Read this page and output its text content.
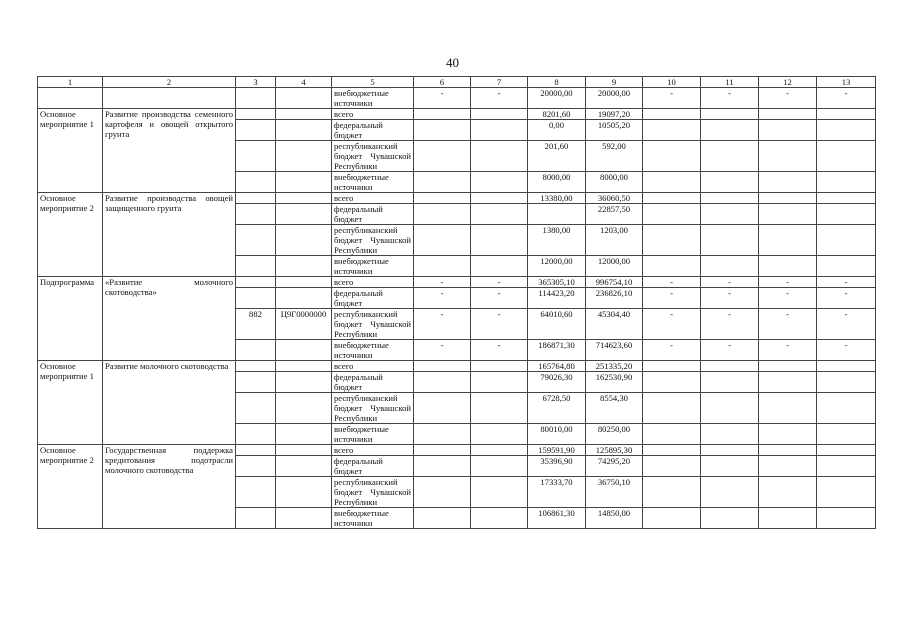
40
1	2	3	4	5	6	7	8	9	10	11	12	13
				внебюджетные источники	-	-	20000,00	20000,00	-	-	-	-
Основное мероприятие 1	Развитие производства семенного картофеля и овощей открытого грунта			всего			8201,60	19097,20				
				федеральный бюджет			0,00	10505,20				
				республиканский бюджет Чувашской Республики			201,60	592,00				
				внебюджетные источники			8000,00	8000,00				
Основное мероприятие 2	Развитие производства овощей защищенного грунта			всего			13380,00	36060,50				
				федеральный бюджет				22857,50				
				республиканский бюджет Чувашской Республики			1380,00	1203,00				
				внебюджетные источники			12000,00	12000,00				
Подпрограмма	«Развитие молочного скотоводства»			всего	-	-	365305,10	996754,10	-	-	-	-
				федеральный бюджет	-	-	114423,20	236826,10	-	-	-	-
		882	Ц9Г0000000	республиканский бюджет Чувашской Республики	-	-	64010,60	45304,40	-	-	-	-
				внебюджетные источники	-	-	186871,30	714623,60	-	-	-	-
Основное мероприятие 1	Развитие молочного скотоводства			всего			165764,80	251335,20				
				федеральный бюджет			79026,30	162530,90				
				республиканский бюджет Чувашской Республики			6728,50	8554,30				
				внебюджетные источники			80010,00	80250,00				
Основное мероприятие 2	Государственная поддержка кредитования подотрасли молочного скотоводства			всего			159591,90	125895,30				
				федеральный бюджет			35396,90	74295,20				
				республиканский бюджет Чувашской Республики			17333,70	36750,10				
				внебюджетные источники			106861,30	14850,00				
